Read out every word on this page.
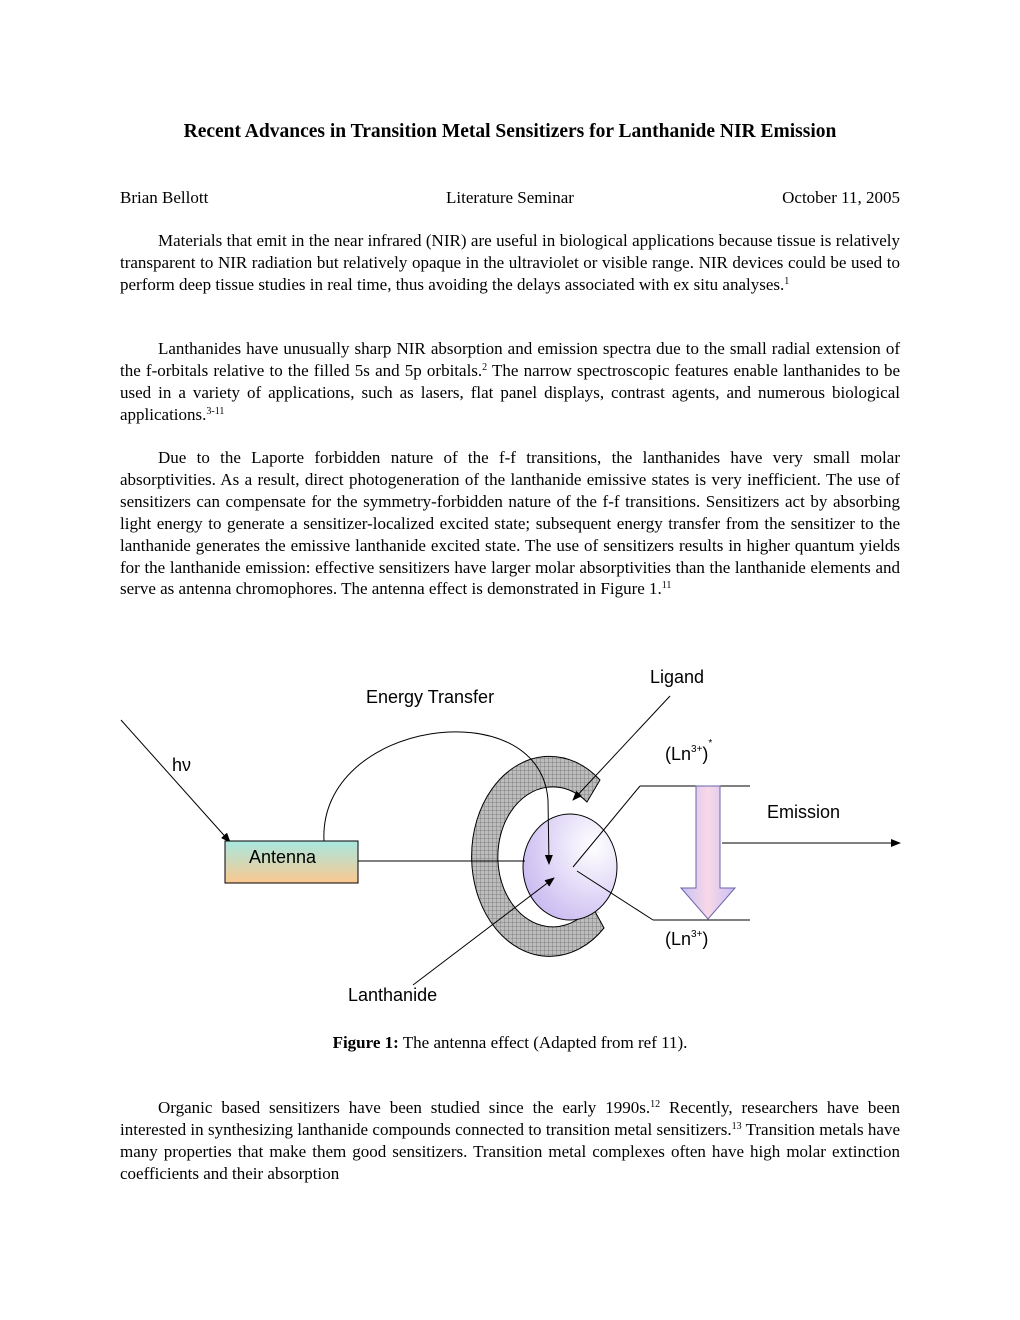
Recent Advances in Transition Metal Sensitizers for Lanthanide NIR Emission
Literature Seminar
Brian Bellott	October 11, 2005

Materials that emit in the near infrared (NIR) are useful in biological applications because tissue is relatively transparent to NIR radiation but relatively opaque in the ultraviolet or visible range. NIR devices could be used to perform deep tissue studies in real time, thus avoiding the delays associated with ex situ analyses.$^1$

Lanthanides have unusually sharp NIR absorption and emission spectra due to the small radial extension of the f-orbitals relative to the filled 5s and 5p orbitals.$^2$ The narrow spectroscopic features enable lanthanides to be used in a variety of applications, such as lasers, flat panel displays, contrast agents, and numerous biological applications.$^{3-11}$

Due to the Laporte forbidden nature of the f-f transitions, the lanthanides have very small molar absorptivities. As a result, direct photogeneration of the lanthanide emissive states is very inefficient. The use of sensitizers can compensate for the symmetry-forbidden nature of the f-f transitions. Sensitizers act by absorbing light energy to generate a sensitizer-localized excited state; subsequent energy transfer from the sensitizer to the lanthanide generates the emissive lanthanide excited state. The use of sensitizers results in higher quantum yields for the lanthanide emission: effective sensitizers have larger molar absorptivities than the lanthanide elements and serve as antenna chromophores. The antenna effect is demonstrated in Figure 1.11

Ligand
Energy Transfer
hν
$(Ln^{3+})^*$
Emission
Antenna
$(Ln^{3+})$
Lanthanide
Figure 1: The antenna effect (Adapted from ref 11).

Organic based sensitizers have been studied since the early 1990s.$^{12}$ Recently, researchers have been interested in synthesizing lanthanide compounds connected to transition metal sensitizers.$^{13}$ Transition metals have many properties that make them good sensitizers. Transition metal complexes often have high molar extinction coefficients and their absorption
